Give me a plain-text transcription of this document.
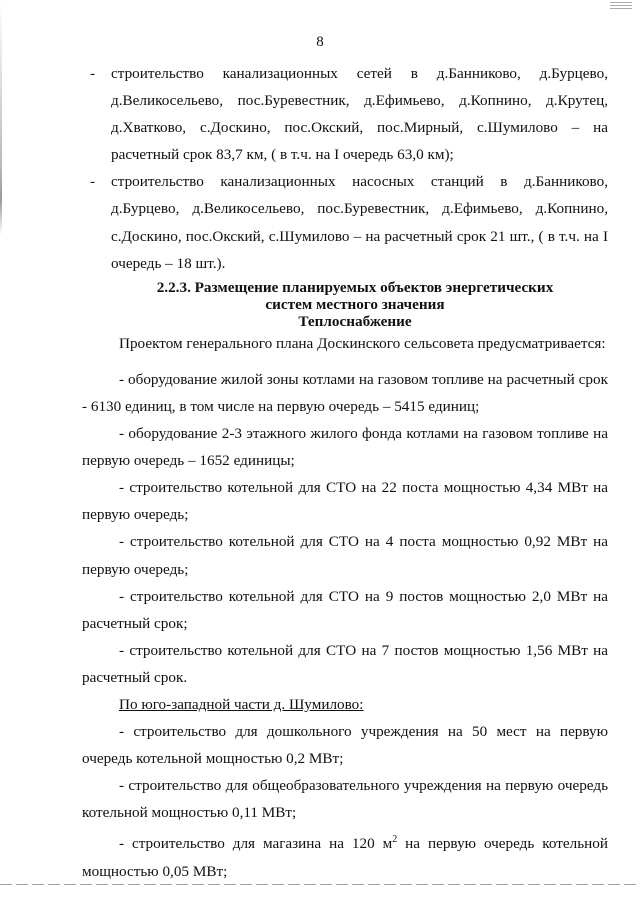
8
- строительство канализационных сетей в д.Банниково, д.Бурцево, д.Великосельево, пос.Буревестник, д.Ефимьево, д.Копнино, д.Крутец, д.Хватково, с.Доскино, пос.Окский, пос.Мирный, с.Шумилово – на расчетный срок 83,7 км, ( в т.ч. на I очередь 63,0 км);
- строительство канализационных насосных станций в д.Банниково, д.Бурцево, д.Великосельево, пос.Буревестник, д.Ефимьево, д.Копнино, с.Доскино, пос.Окский, с.Шумилово – на расчетный срок 21 шт., ( в т.ч. на I очередь – 18 шт.).
2.2.3. Размещение планируемых объектов энергетических
систем местного значения
Теплоснабжение
Проектом генерального плана Доскинского сельсовета предусматривается:
- оборудование жилой зоны котлами на газовом топливе на расчетный срок - 6130 единиц, в том числе на первую очередь – 5415 единиц;
- оборудование 2-3 этажного жилого фонда котлами на газовом топливе на первую очередь – 1652 единицы;
- строительство котельной для СТО на 22 поста мощностью 4,34 МВт на первую очередь;
- строительство котельной для СТО на 4 поста мощностью 0,92 МВт на первую очередь;
- строительство котельной для СТО на 9 постов мощностью 2,0 МВт на расчетный срок;
- строительство котельной для СТО на 7 постов мощностью 1,56 МВт на расчетный срок.
По юго-западной части д. Шумилово:
- строительство для дошкольного учреждения на 50 мест на первую очередь котельной мощностью 0,2 МВт;
- строительство для общеобразовательного учреждения на первую очередь котельной мощностью 0,11 МВт;
- строительство для магазина на 120 $м^2$ на первую очередь котельной мощностью 0,05 МВт;
